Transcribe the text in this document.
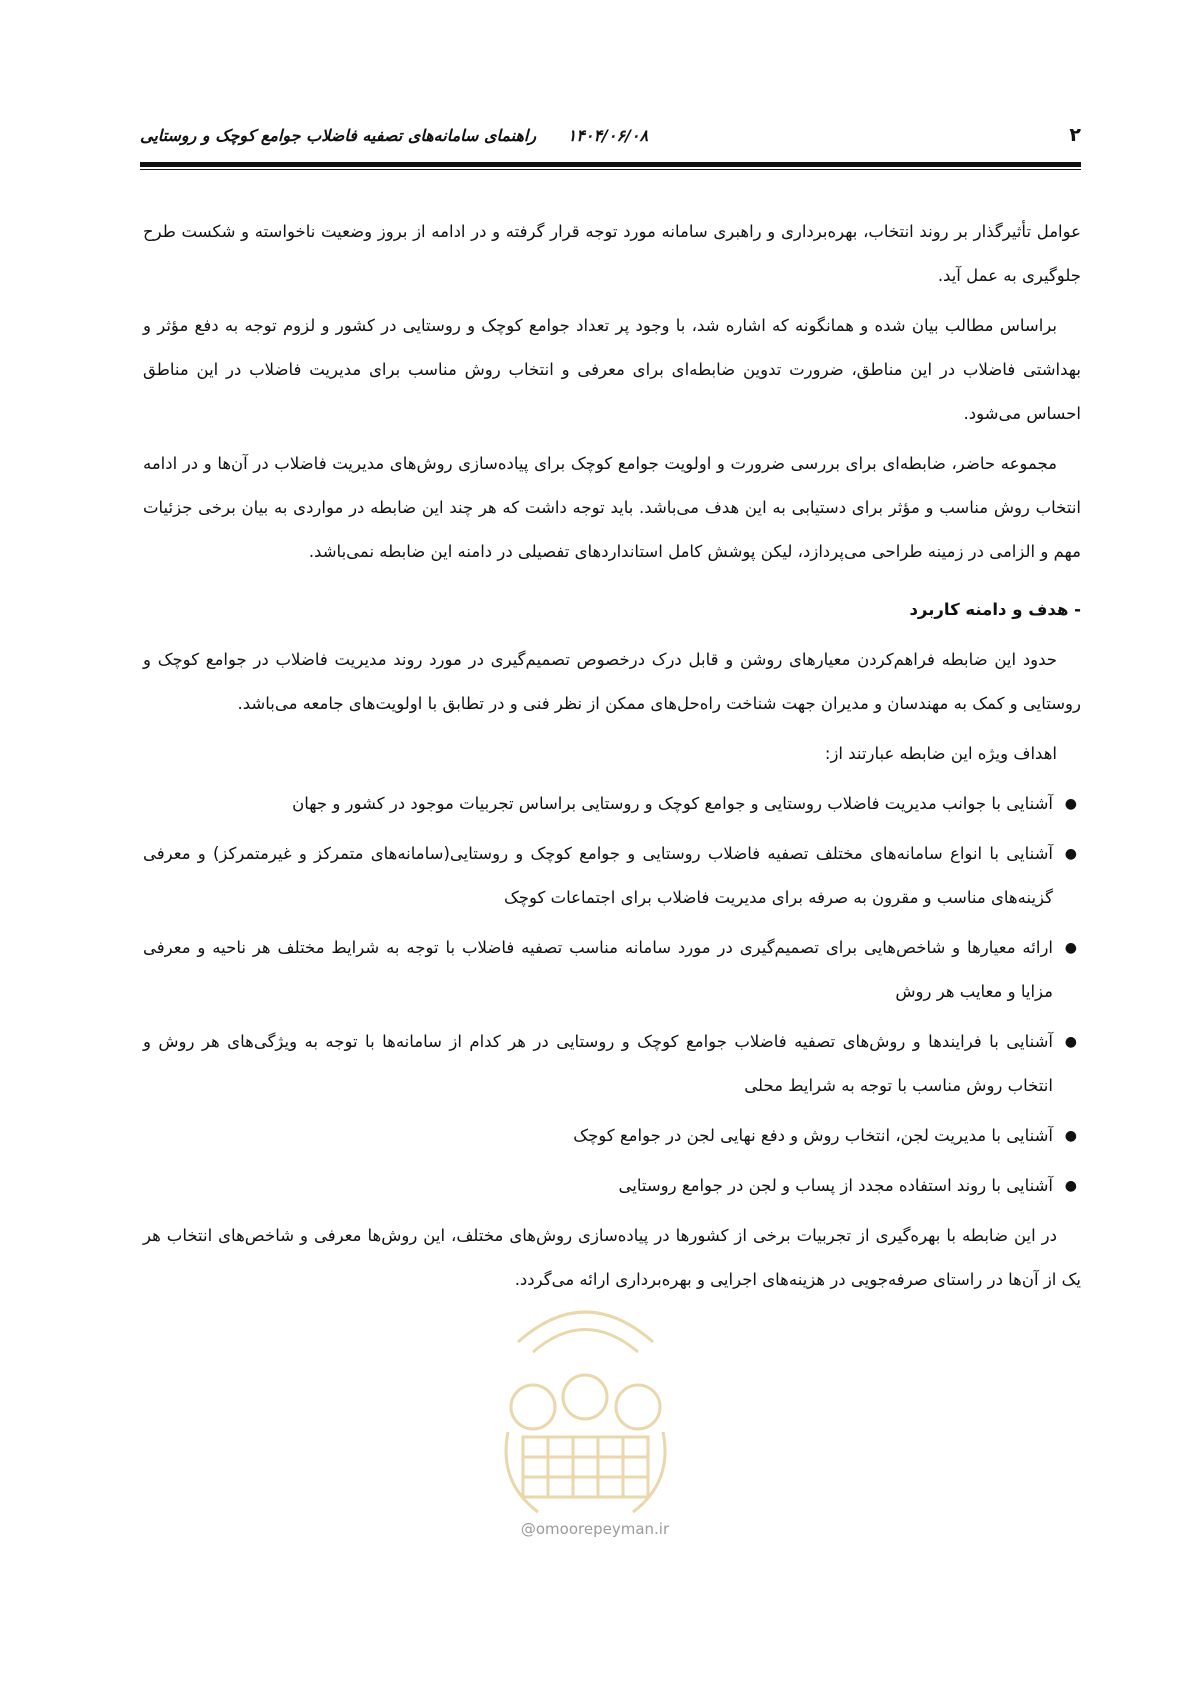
۲
۱۴۰۴/۰۶/۰۸ راهنمای سامانه‌های تصفیه فاضلاب جوامع کوچک و روستایی

عوامل تأثیرگذار بر روند انتخاب، بهره‌برداری و راهبری سامانه مورد توجه قرار گرفته و در ادامه از بروز وضعیت ناخواسته و شکست طرح جلوگیری به عمل آید.

براساس مطالب بیان شده و همانگونه که اشاره شد، با وجود پر تعداد جوامع کوچک و روستایی در کشور و لزوم توجه به دفع مؤثر و بهداشتی فاضلاب در این مناطق، ضرورت تدوین ضابطه‌ای برای معرفی و انتخاب روش مناسب برای مدیریت فاضلاب در این مناطق احساس می‌شود.

مجموعه حاضر، ضابطه‌ای برای بررسی ضرورت و اولویت جوامع کوچک برای پیاده‌سازی روش‌های مدیریت فاضلاب در آن‌ها و در ادامه انتخاب روش مناسب و مؤثر برای دستیابی به این هدف می‌باشد. باید توجه داشت که هر چند این ضابطه در مواردی به بیان برخی جزئیات مهم و الزامی در زمینه طراحی می‌پردازد، لیکن پوشش کامل استانداردهای تفصیلی در دامنه این ضابطه نمی‌باشد.

- هدف و دامنه کاربرد

حدود این ضابطه فراهم‌کردن معیارهای روشن و قابل درک درخصوص تصمیم‌گیری در مورد روند مدیریت فاضلاب در جوامع کوچک و روستایی و کمک به مهندسان و مدیران جهت شناخت راه‌حل‌های ممکن از نظر فنی و در تطابق با اولویت‌های جامعه می‌باشد.

اهداف ویژه این ضابطه عبارتند از:

●
آشنایی با جوانب مدیریت فاضلاب روستایی و جوامع کوچک و روستایی براساس تجربیات موجود در کشور و جهان
●
آشنایی با انواع سامانه‌های مختلف تصفیه فاضلاب روستایی و جوامع کوچک و روستایی(سامانه‌های متمرکز و غیرمتمرکز) و معرفی گزینه‌های مناسب و مقرون به صرفه برای مدیریت فاضلاب برای اجتماعات کوچک
●
ارائه معیارها و شاخص‌هایی برای تصمیم‌گیری در مورد سامانه مناسب تصفیه فاضلاب با توجه به شرایط مختلف هر ناحیه و معرفی مزایا و معایب هر روش
●
آشنایی با فرایندها و روش‌های تصفیه فاضلاب جوامع کوچک و روستایی در هر کدام از سامانه‌ها با توجه به ویژگی‌های هر روش و انتخاب روش مناسب با توجه به شرایط محلی
●
آشنایی با مدیریت لجن، انتخاب روش و دفع نهایی لجن در جوامع کوچک
●
آشنایی با روند استفاده مجدد از پساب و لجن در جوامع روستایی

در این ضابطه با بهره‌گیری از تجربیات برخی از کشورها در پیاده‌سازی روش‌های مختلف، این روش‌ها معرفی و شاخص‌های انتخاب هر یک از آن‌ها در راستای صرفه‌جویی در هزینه‌های اجرایی و بهره‌برداری ارائه می‌گردد.

@omoorepeyman.ir
